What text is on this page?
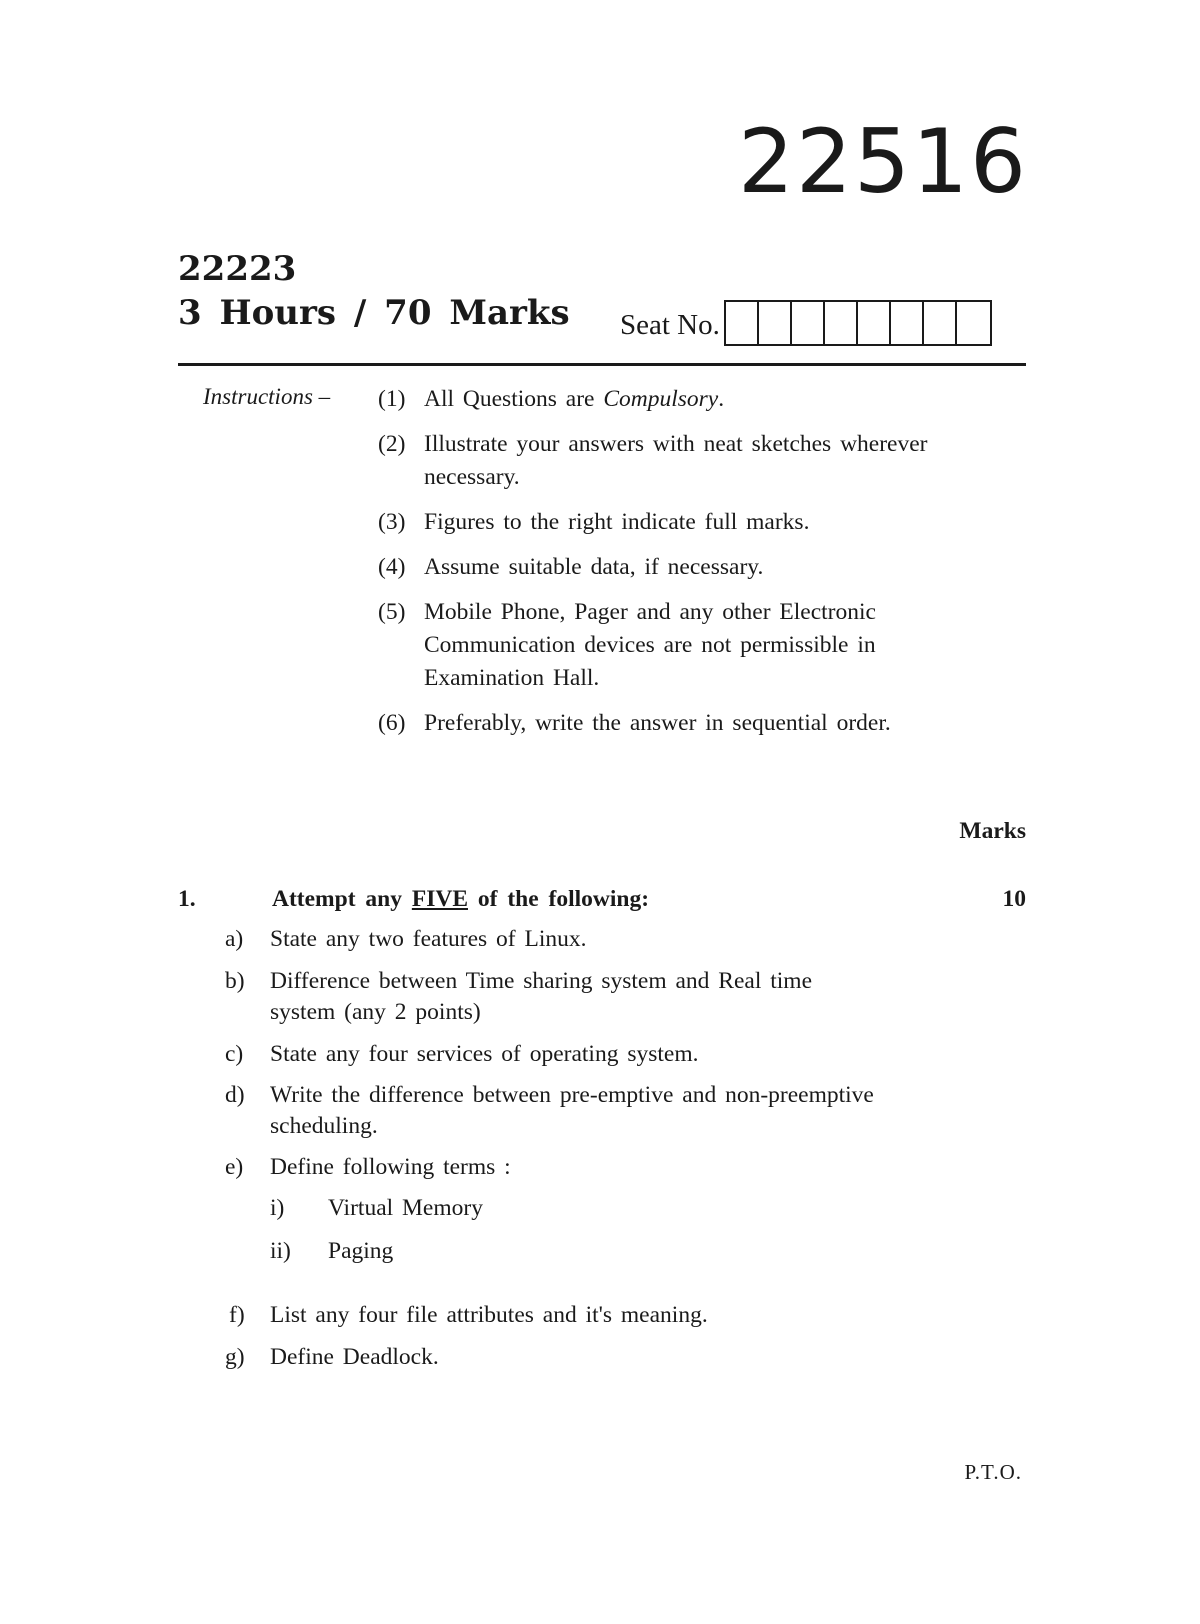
22516
22223
3 Hours / 70 Marks Seat No.
Instructions – (1) All Questions are Compulsory.
(2) Illustrate your answers with neat sketches wherever necessary.
(3) Figures to the right indicate full marks.
(4) Assume suitable data, if necessary.
(5) Mobile Phone, Pager and any other Electronic Communication devices are not permissible in Examination Hall.
(6) Preferably, write the answer in sequential order.
Marks
1.	Attempt any FIVE of the following:	10
a) State any two features of Linux.
b) Difference between Time sharing system and Real time
system (any 2 points)
c) State any four services of operating system.
d) Write the difference between pre-emptive and non-preemptive
scheduling.
e) Define following terms :
i) Virtual Memory
ii) Paging
f) List any four file attributes and it's meaning.
g) Define Deadlock.
P.T.O.
